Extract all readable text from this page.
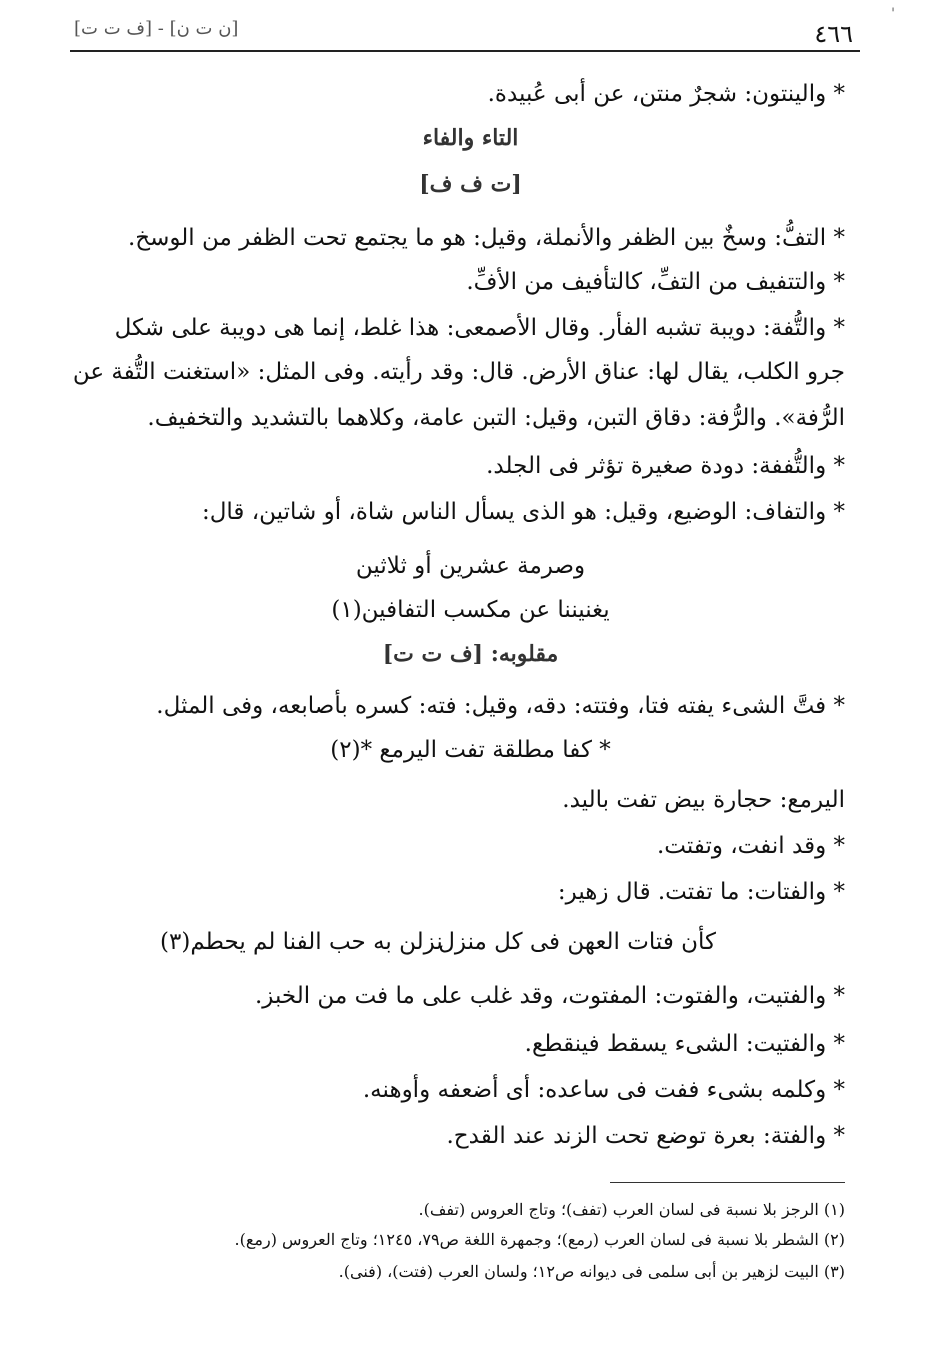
'
٤٦٦
[ن ت ن] - [ف ت ت]
* والينتون: شجرٌ منتن، عن أبى عُبيدة.
التاء والفاء
[ت ف ف]
* التفُّ: وسخٌ بين الظفر والأنملة، وقيل: هو ما يجتمع تحت الظفر من الوسخ.
* والتتفيف من التفِّ، كالتأفيف من الأفِّ.
* والتُّفة: دويبة تشبه الفأر. وقال الأصمعى: هذا غلط، إنما هى دويبة على شكل
جرو الكلب، يقال لها: عناق الأرض. قال: وقد رأيته. وفى المثل: «استغنت التُّفة عن
الرُّفة». والرُّفة: دقاق التبن، وقيل: التبن عامة، وكلاهما بالتشديد والتخفيف.
* والتُّففة: دودة صغيرة تؤثر فى الجلد.
* والتفاف: الوضيع، وقيل: هو الذى يسأل الناس شاة، أو شاتين، قال:
وصرمة عشرين أو ثلاثين
يغنيننا عن مكسب التفافين(١)
مقلوبه: [ف ت ت]
* فتَّ الشىء يفته فتا، وفتته: دقه، وقيل: فته: كسره بأصابعه، وفى المثل.
* كفا مطلقة تفت اليرمع *(٢)
اليرمع: حجارة بيض تفت باليد.
* وقد انفت، وتفتت.
* والفتات: ما تفتت. قال زهير:
كأن فتات العهن فى كل منزل
نزلن به حب الفنا لم يحطم(٣)
* والفتيت، والفتوت: المفتوت، وقد غلب على ما فت من الخبز.
* والفتيت: الشىء يسقط فينقطع.
* وكلمه بشىء ففت فى ساعده: أى أضعفه وأوهنه.
* والفتة: بعرة توضع تحت الزند عند القدح.
(١) الرجز بلا نسبة فى لسان العرب (تفف)؛ وتاج العروس (تفف).
(٢) الشطر بلا نسبة فى لسان العرب (رمع)؛ وجمهرة اللغة ص٧٩، ١٢٤٥؛ وتاج العروس (رمع).
(٣) البيت لزهير بن أبى سلمى فى ديوانه ص١٢؛ ولسان العرب (فتت)، (فنى).
